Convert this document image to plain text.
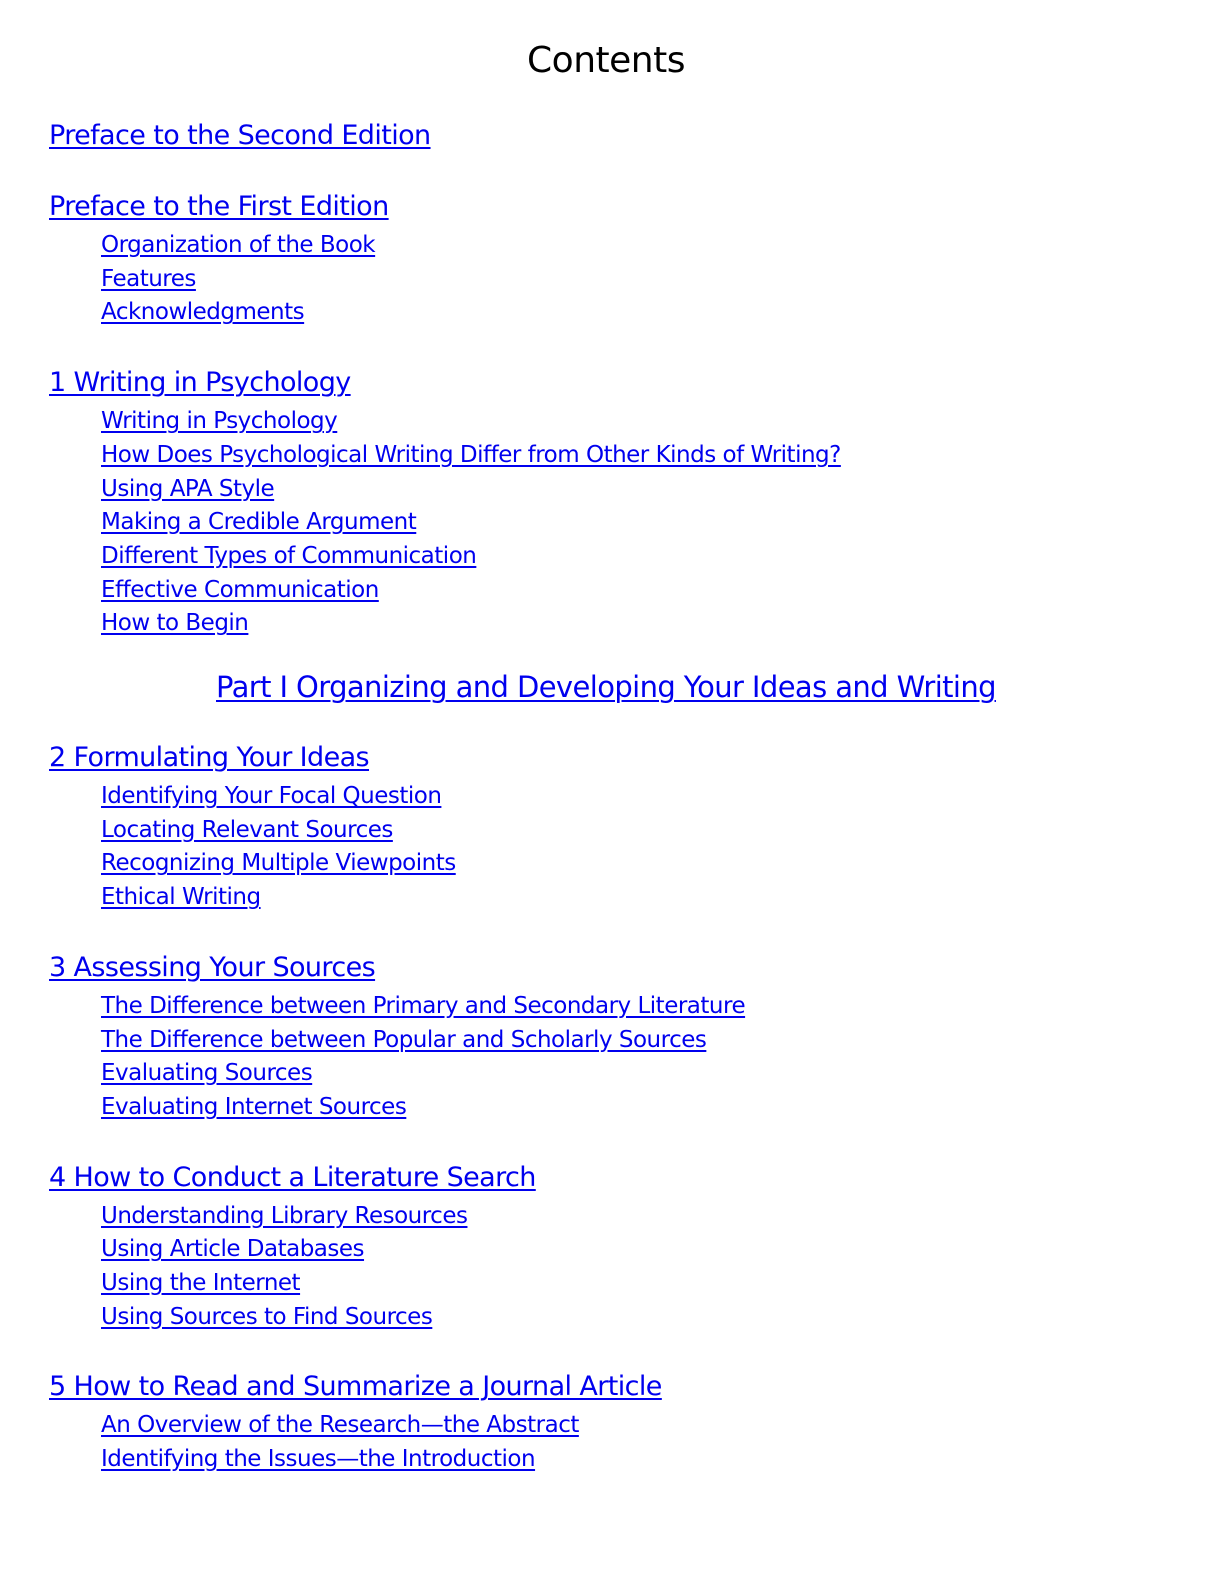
Contents
Preface to the Second Edition
Preface to the First Edition
Organization of the Book
Features
Acknowledgments
1 Writing in Psychology
Writing in Psychology
How Does Psychological Writing Differ from Other Kinds of Writing?
Using APA Style
Making a Credible Argument
Different Types of Communication
Effective Communication
How to Begin
Part I Organizing and Developing Your Ideas and Writing
2 Formulating Your Ideas
Identifying Your Focal Question
Locating Relevant Sources
Recognizing Multiple Viewpoints
Ethical Writing
3 Assessing Your Sources
The Difference between Primary and Secondary Literature
The Difference between Popular and Scholarly Sources
Evaluating Sources
Evaluating Internet Sources
4 How to Conduct a Literature Search
Understanding Library Resources
Using Article Databases
Using the Internet
Using Sources to Find Sources
5 How to Read and Summarize a Journal Article
An Overview of the Research—the Abstract
Identifying the Issues—the Introduction
